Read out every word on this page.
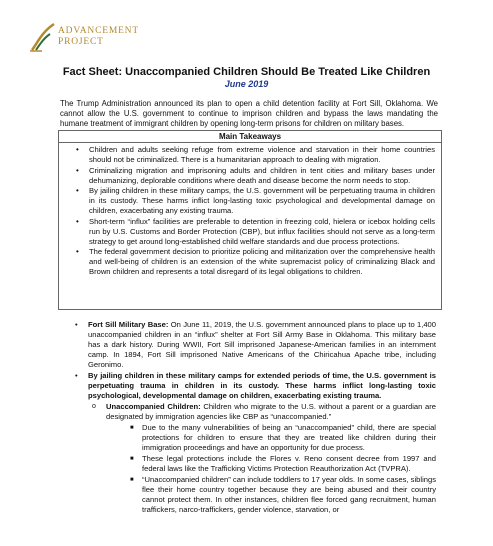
ADVANCEMENT
PROJECT
Fact Sheet: Unaccompanied Children Should Be Treated Like Children
June 2019
The Trump Administration announced its plan to open a child detention facility at Fort Sill, Oklahoma. We cannot allow the U.S. government to continue to imprison children and bypass the laws mandating the humane treatment of immigrant children by opening long-term prisons for children on military bases.
Main Takeaways
• Children and adults seeking refuge from extreme violence and starvation in their home countries should not be criminalized. There is a humanitarian approach to dealing with migration.
• Criminalizing migration and imprisoning adults and children in tent cities and military bases under dehumanizing, deplorable conditions where death and disease become the norm needs to stop.
• By jailing children in these military camps, the U.S. government will be perpetuating trauma in children in its custody. These harms inflict long-lasting toxic psychological and developmental damage on children, exacerbating any existing trauma.
• Short-term “influx” facilities are preferable to detention in freezing cold, hielera or icebox holding cells run by U.S. Customs and Border Protection (CBP), but influx facilities should not serve as a long-term strategy to get around long-established child welfare standards and due process protections.
• The federal government decision to prioritize policing and militarization over the comprehensive health and well-being of children is an extension of the white supremacist policy of criminalizing Black and Brown children and represents a total disregard of its legal obligations to children.
• Fort Sill Military Base: On June 11, 2019, the U.S. government announced plans to place up to 1,400 unaccompanied children in an “influx” shelter at Fort Sill Army Base in Oklahoma. This military base has a dark history. During WWII, Fort Sill imprisoned Japanese-American families in an internment camp. In 1894, Fort Sill imprisoned Native Americans of the Chiricahua Apache tribe, including Geronimo.
• By jailing children in these military camps for extended periods of time, the U.S. government is perpetuating trauma in children in its custody. These harms inflict long-lasting toxic psychological, developmental damage on children, exacerbating existing trauma.
o Unaccompanied Children: Children who migrate to the U.S. without a parent or a guardian are designated by immigration agencies like CBP as “unaccompanied.”
■ Due to the many vulnerabilities of being an “unaccompanied” child, there are special protections for children to ensure that they are treated like children during their immigration proceedings and have an opportunity for due process.
■ These legal protections include the Flores v. Reno consent decree from 1997 and federal laws like the Trafficking Victims Protection Reauthorization Act (TVPRA).
■ “Unaccompanied children” can include toddlers to 17 year olds. In some cases, siblings flee their home country together because they are being abused and their country cannot protect them. In other instances, children flee forced gang recruitment, human traffickers, narco-traffickers, gender violence, starvation, or
